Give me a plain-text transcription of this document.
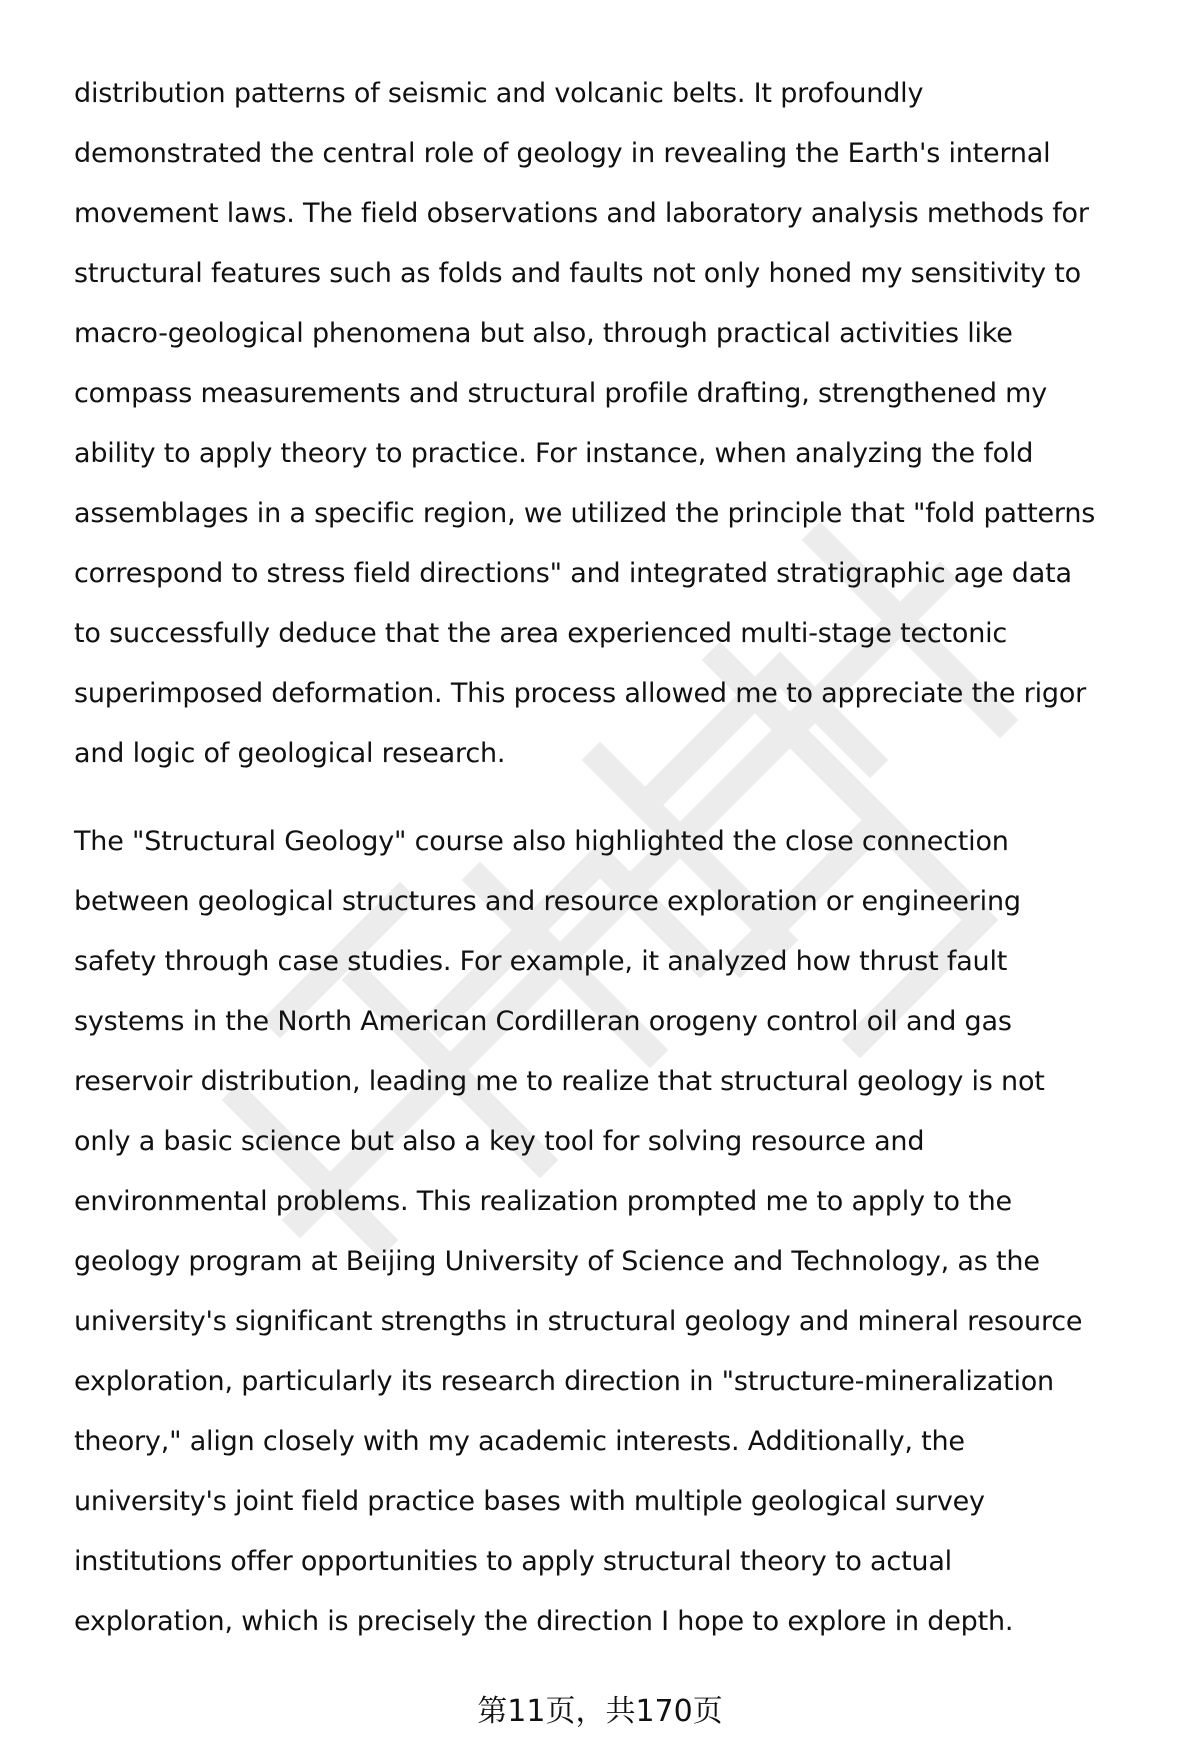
distribution patterns of seismic and volcanic belts. It profoundly
demonstrated the central role of geology in revealing the Earth's internal
movement laws. The field observations and laboratory analysis methods for
structural features such as folds and faults not only honed my sensitivity to
macro-geological phenomena but also, through practical activities like
compass measurements and structural profile drafting, strengthened my
ability to apply theory to practice. For instance, when analyzing the fold
assemblages in a specific region, we utilized the principle that "fold patterns
correspond to stress field directions" and integrated stratigraphic age data
to successfully deduce that the area experienced multi-stage tectonic
superimposed deformation. This process allowed me to appreciate the rigor
and logic of geological research.

The "Structural Geology" course also highlighted the close connection
between geological structures and resource exploration or engineering
safety through case studies. For example, it analyzed how thrust fault
systems in the North American Cordilleran orogeny control oil and gas
reservoir distribution, leading me to realize that structural geology is not
only a basic science but also a key tool for solving resource and
environmental problems. This realization prompted me to apply to the
geology program at Beijing University of Science and Technology, as the
university's significant strengths in structural geology and mineral resource
exploration, particularly its research direction in "structure-mineralization
theory," align closely with my academic interests. Additionally, the
university's joint field practice bases with multiple geological survey
institutions offer opportunities to apply structural theory to actual
exploration, which is precisely the direction I hope to explore in depth.

第11页，共170页
